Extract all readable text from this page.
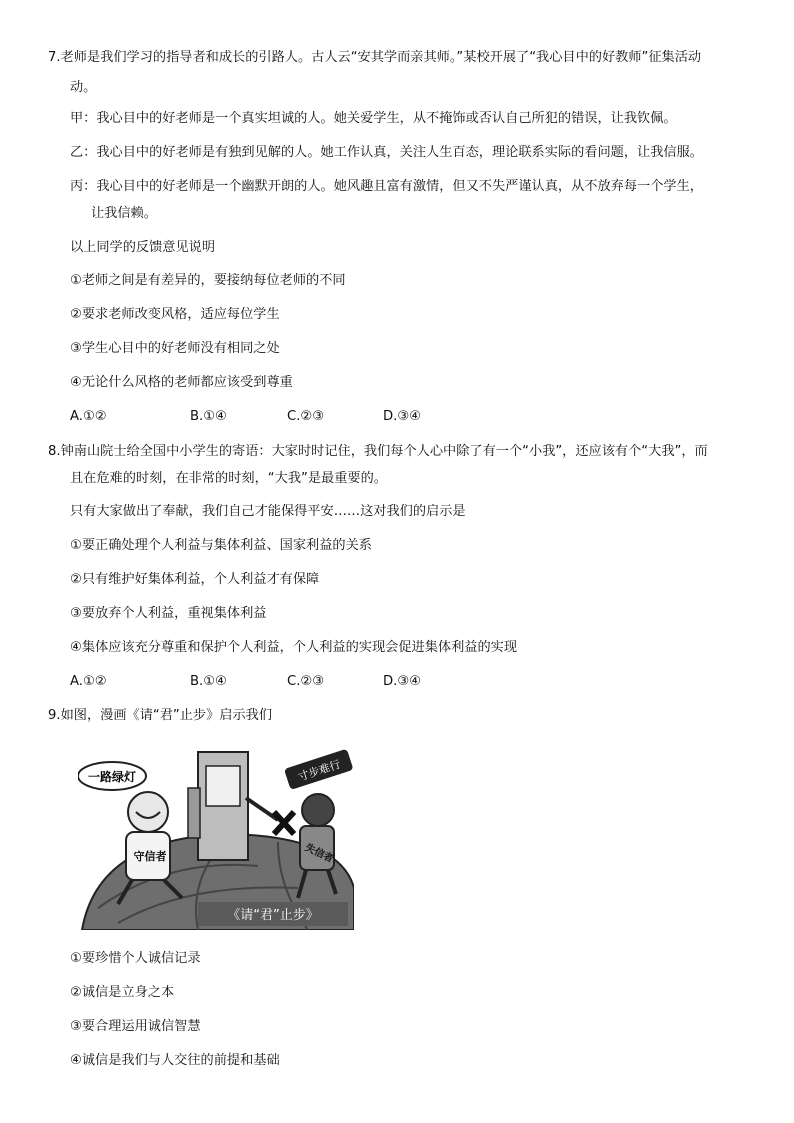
7.老师是我们学习的指导者和成长的引路人。古人云“安其学而亲其师。”某校开展了“我心目中的好教师”征集活动
动。
甲：我心目中的好老师是一个真实坦诚的人。她关爱学生，从不掩饰或否认自己所犯的错误，让我钦佩。
乙：我心目中的好老师是有独到见解的人。她工作认真，关注人生百态，理论联系实际的看问题，让我信服。
丙：我心目中的好老师是一个幽默开朗的人。她风趣且富有激情，但又不失严谨认真，从不放弃每一个学生，
让我信赖。
以上同学的反馈意见说明
①老师之间是有差异的，要接纳每位老师的不同
②要求老师改变风格，适应每位学生
③学生心目中的好老师没有相同之处
④无论什么风格的老师都应该受到尊重
A.①②	B.①④	C.②③	D.③④
8.钟南山院士给全国中小学生的寄语：大家时时记住，我们每个人心中除了有一个“小我”，还应该有个“大我”，而
且在危难的时刻，在非常的时刻，“大我”是最重要的。
只有大家做出了奉献，我们自己才能保得平安……这对我们的启示是
①要正确处理个人利益与集体利益、国家利益的关系
②只有维护好集体利益，个人利益才有保障
③要放弃个人利益，重视集体利益
④集体应该充分尊重和保护个人利益，个人利益的实现会促进集体利益的实现
A.①②	B.①④	C.②③	D.③④
9.如图，漫画《请“君”止步》启示我们
《请“君”止步》
一路绿灯
守信者
寸步难行
失信者
①要珍惜个人诚信记录
②诚信是立身之本
③要合理运用诚信智慧
④诚信是我们与人交往的前提和基础
